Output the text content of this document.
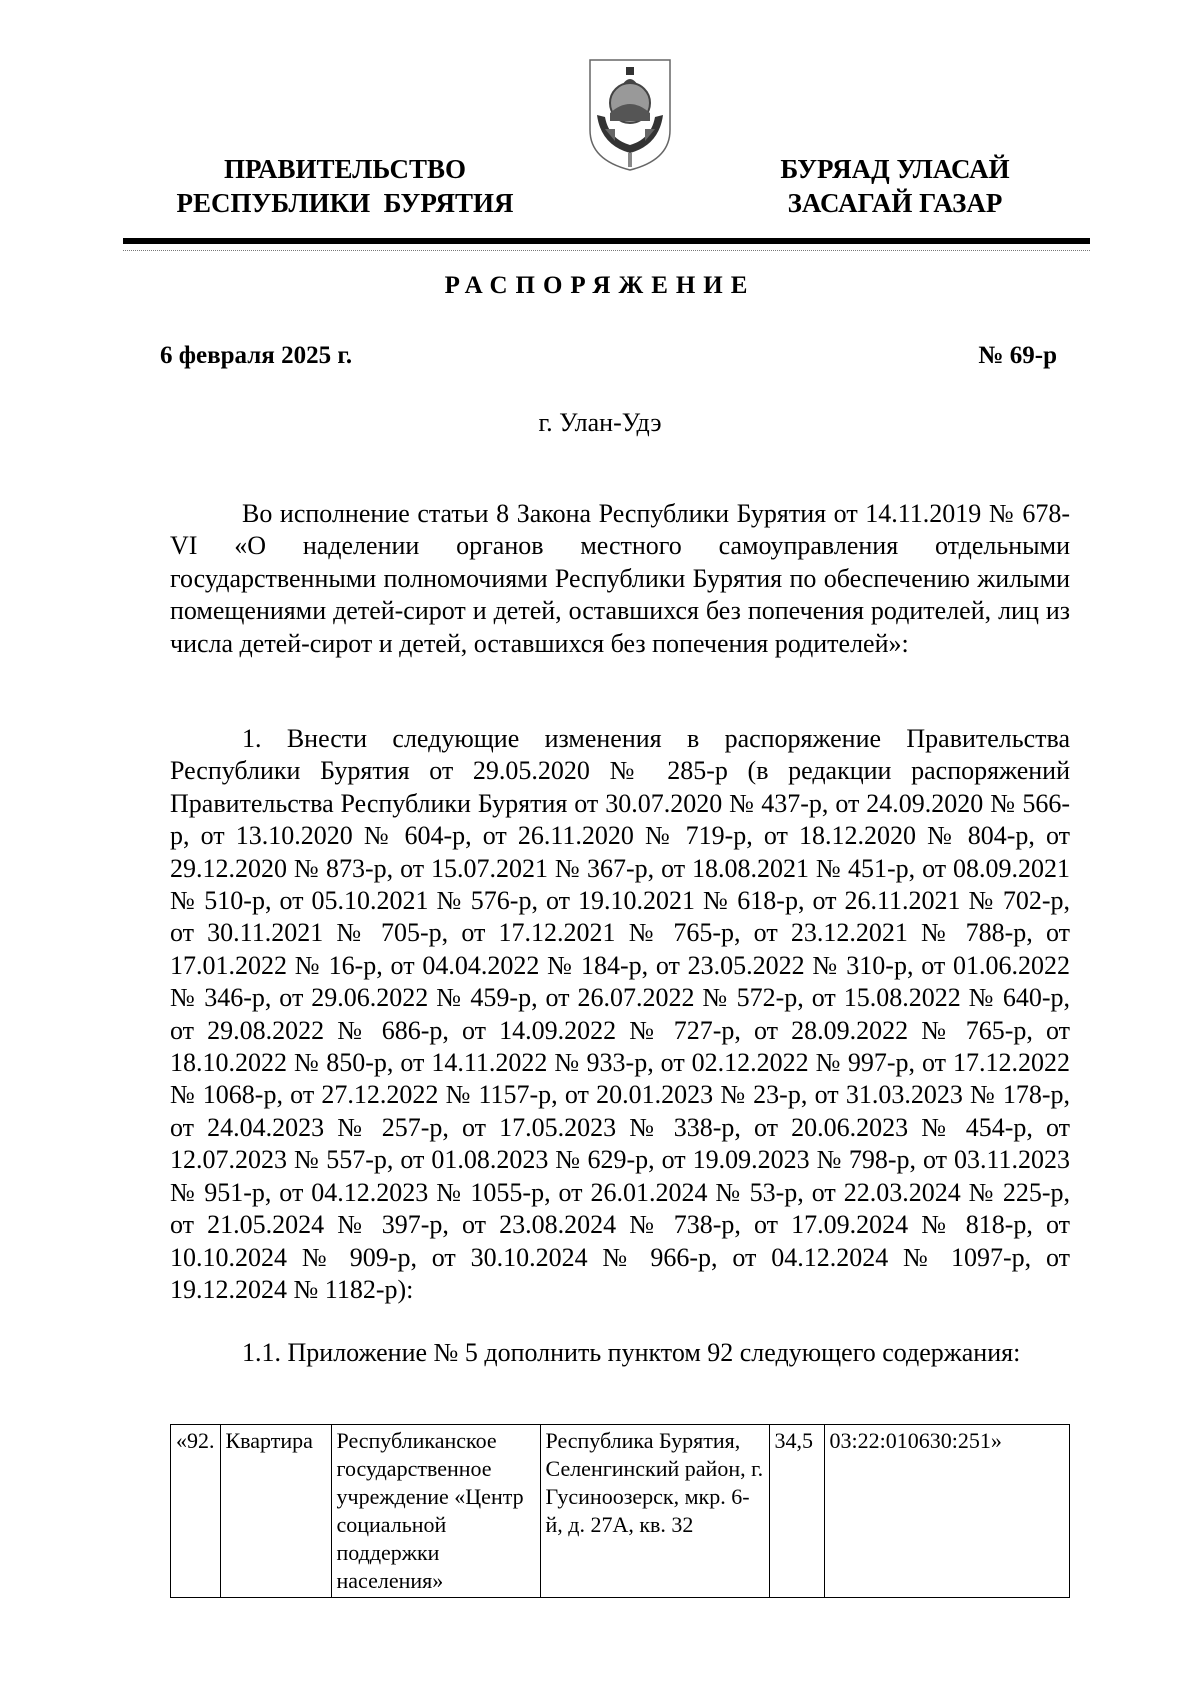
ПРАВИТЕЛЬСТВО
РЕСПУБЛИКИ  БУРЯТИЯ
БУРЯАД УЛАСАЙ
ЗАСАГАЙ ГАЗАР
РАСПОРЯЖЕНИЕ
6 февраля 2025 г.	№ 69-р
г. Улан-Удэ

Во исполнение статьи 8 Закона Республики Бурятия от 14.11.2019 № 678-VI «О наделении органов местного самоуправления отдельными государственными полномочиями Республики Бурятия по обеспечению жилыми помещениями детей-сирот и детей, оставшихся без попечения родителей, лиц из числа детей-сирот и детей, оставшихся без попечения родителей»:

1. Внести следующие изменения в распоряжение Правительства Республики Бурятия от 29.05.2020 № 285-р (в редакции распоряжений Правительства Республики Бурятия от 30.07.2020 № 437-р, от 24.09.2020 № 566-р, от 13.10.2020 № 604-р, от 26.11.2020 № 719-р, от 18.12.2020 № 804-р, от 29.12.2020 № 873-р, от 15.07.2021 № 367-р, от 18.08.2021 № 451-р, от 08.09.2021 № 510-р, от 05.10.2021 № 576-р, от 19.10.2021 № 618-р, от 26.11.2021 № 702-р, от 30.11.2021 № 705-р, от 17.12.2021 № 765-р, от 23.12.2021 № 788-р, от 17.01.2022 № 16-р, от 04.04.2022 № 184-р, от 23.05.2022 № 310-р, от 01.06.2022 № 346-р, от 29.06.2022 № 459-р, от 26.07.2022 № 572-р, от 15.08.2022 № 640-р, от 29.08.2022 № 686-р, от 14.09.2022 № 727-р, от 28.09.2022 № 765-р, от 18.10.2022 № 850-р, от 14.11.2022 № 933-р, от 02.12.2022 № 997-р, от 17.12.2022 № 1068-р, от 27.12.2022 № 1157-р, от 20.01.2023 № 23-р, от 31.03.2023 № 178-р, от 24.04.2023 № 257-р, от 17.05.2023 № 338-р, от 20.06.2023 № 454-р, от 12.07.2023 № 557-р, от 01.08.2023 № 629-р, от 19.09.2023 № 798-р, от 03.11.2023 № 951-р, от 04.12.2023 № 1055-р, от 26.01.2024 № 53-р, от 22.03.2024 № 225-р, от 21.05.2024 № 397-р, от 23.08.2024 № 738-р, от 17.09.2024 № 818-р, от 10.10.2024 № 909-р, от 30.10.2024 № 966-р, от 04.12.2024 № 1097-р, от 19.12.2024 № 1182-р):

1.1. Приложение № 5 дополнить пунктом 92 следующего содержания:

«92.	Квартира	Республиканское государственное учреждение «Центр социальной поддержки населения»	Республика Бурятия, Селенгинский район, г. Гусиноозерск, мкр. 6-й, д. 27А, кв. 32	34,5	03:22:010630:251»
